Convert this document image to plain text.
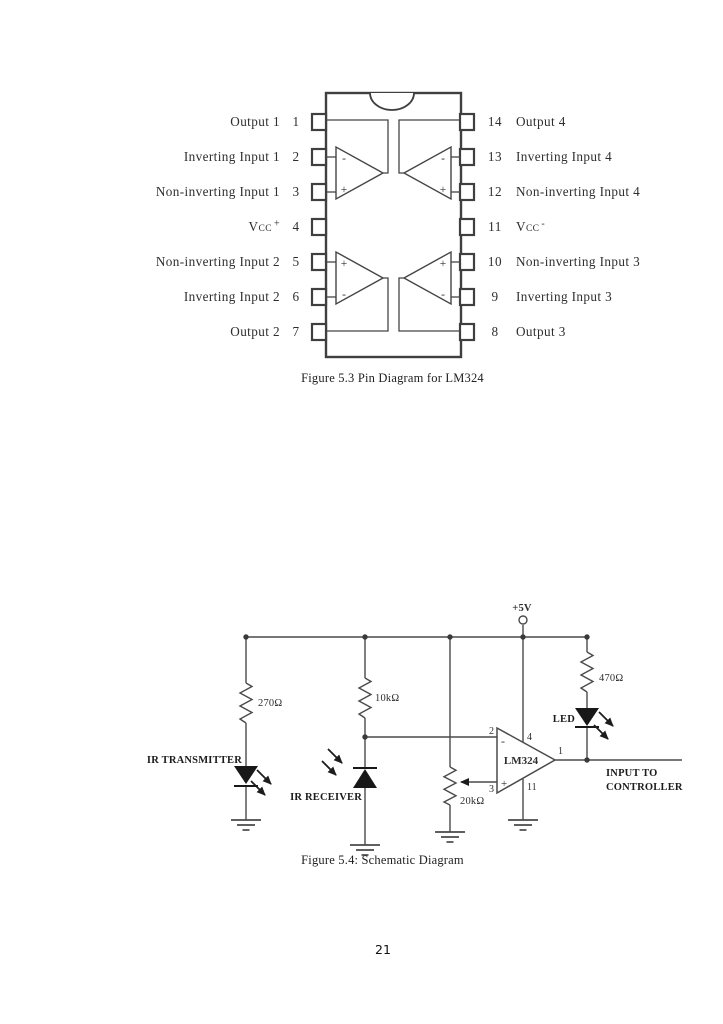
-
+
-
+
+
-
+
-
Output 1 1
Inverting Input 1 2
Non-inverting Input 1 3
VCC + 4
Non-inverting Input 2 5
Inverting Input 2 6
Output 2 7
14 Output 4
13 Inverting Input 4
12 Non-inverting Input 4
11 VCC -
10 Non-inverting Input 3
9 Inverting Input 3
8 Output 3
Figure 5.3 Pin Diagram for LM324
-
+
LM324
2
3
4
11
1
+5V
270Ω	10kΩ
20kΩ
470Ω
IR TRANSMITTER
IR RECEIVER
LED
INPUT TO
CONTROLLER
Figure 5.4: Schematic Diagram
21
